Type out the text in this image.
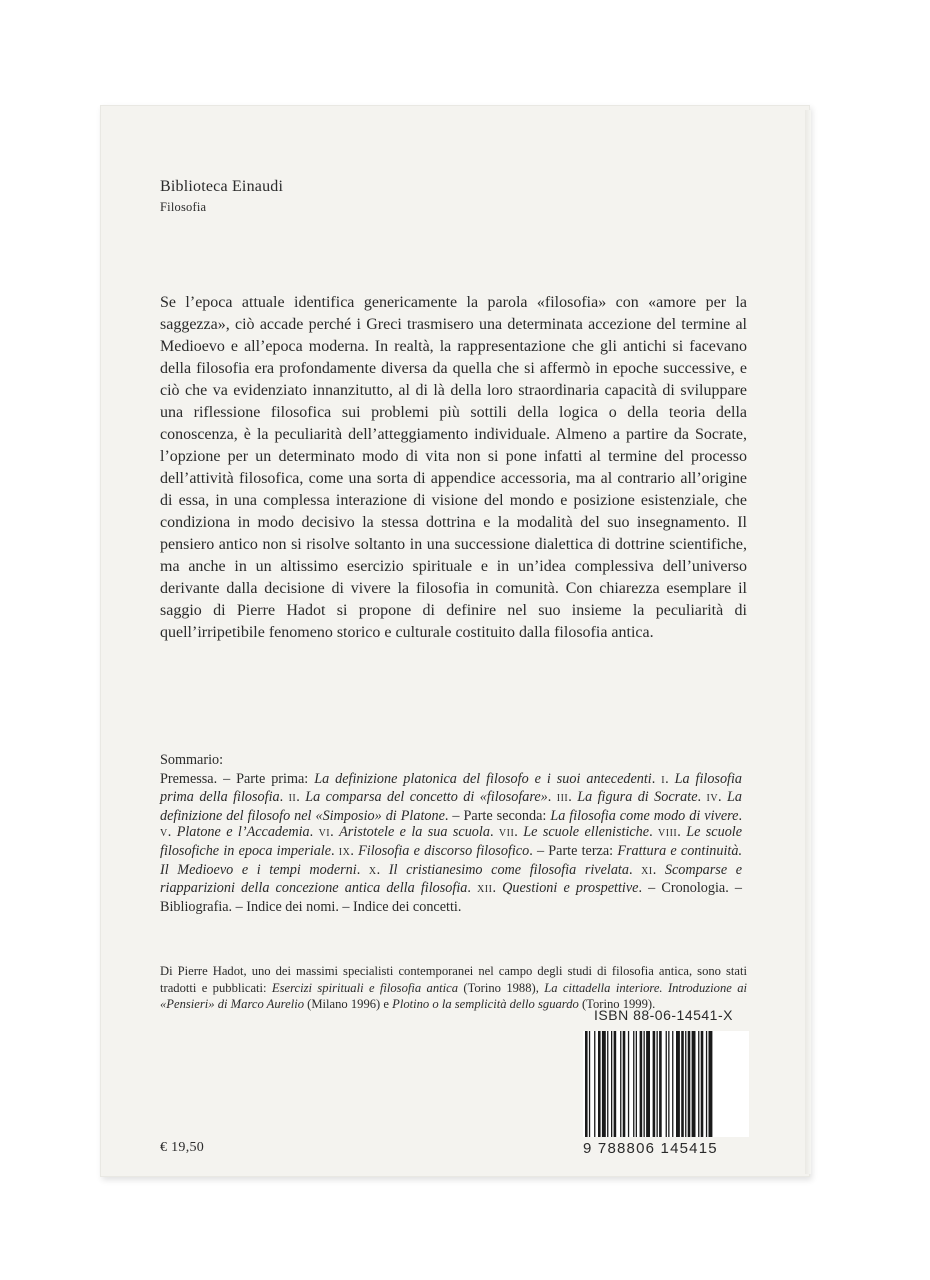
Biblioteca Einaudi
Filosofia

Se l’epoca attuale identifica genericamente la parola «filosofia» con «amore per la saggezza», ciò accade perché i Greci trasmisero una determinata accezione del termine al Medioevo e all’epoca moderna. In realtà, la rappresentazione che gli antichi si facevano della filosofia era profondamente diversa da quella che si affermò in epoche successive, e ciò che va evidenziato innanzitutto, al di là della loro straordinaria capacità di sviluppare una riflessione filosofica sui problemi più sottili della logica o della teoria della conoscenza, è la peculiarità dell’atteggiamento individuale. Almeno a partire da Socrate, l’opzione per un determinato modo di vita non si pone infatti al termine del processo dell’attività filosofica, come una sorta di appendice accessoria, ma al contrario all’origine di essa, in una complessa interazione di visione del mondo e posizione esistenziale, che condiziona in modo decisivo la stessa dottrina e la modalità del suo insegnamento. Il pensiero antico non si risolve soltanto in una successione dialettica di dottrine scientifiche, ma anche in un altissimo esercizio spirituale e in un’idea complessiva dell’universo derivante dalla decisione di vivere la filosofia in comunità. Con chiarezza esemplare il saggio di Pierre Hadot si propone di definire nel suo insieme la peculiarità di quell’irripetibile fenomeno storico e culturale costituito dalla filosofia antica.

Sommario:

Premessa. – Parte prima: La definizione platonica del filosofo e i suoi antecedenti. I. La filosofia prima della filosofia. II. La comparsa del concetto di «filosofare». III. La figura di Socrate. IV. La definizione del filosofo nel «Simposio» di Platone. – Parte seconda: La filosofia come modo di vivere. V. Platone e l’Accademia. VI. Aristotele e la sua scuola. VII. Le scuole ellenistiche. VIII. Le scuole filosofiche in epoca imperiale. IX. Filosofia e discorso filosofico. – Parte terza: Frattura e continuità. Il Medioevo e i tempi moderni. X. Il cristianesimo come filosofia rivelata. XI. Scomparse e riapparizioni della concezione antica della filosofia. XII. Questioni e prospettive. – Cronologia. – Bibliografia. – Indice dei nomi. – Indice dei concetti.

Di Pierre Hadot, uno dei massimi specialisti contemporanei nel campo degli studi di filosofia antica, sono stati tradotti e pubblicati: Esercizi spirituali e filosofia antica (Torino 1988), La cittadella interiore. Introduzione ai «Pensieri» di Marco Aurelio (Milano 1996) e Plotino o la semplicità dello sguardo (Torino 1999).

ISBN 88-06-14541-X
9 788806 145415
€ 19,50
